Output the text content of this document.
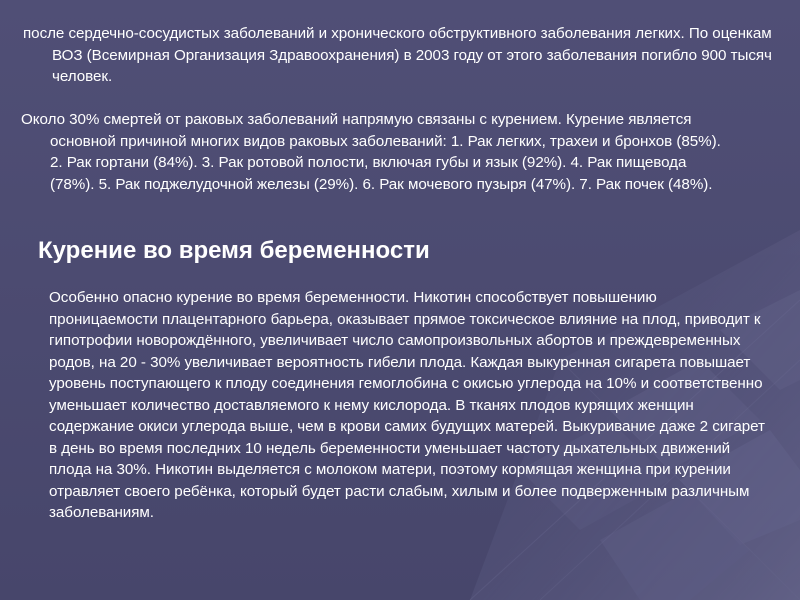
после сердечно-сосудистых заболеваний и хронического обструктивного заболевания легких. По оценкам ВОЗ (Всемирная Организация Здравоохранения) в 2003 году от этого заболевания погибло 900 тысяч человек.

Около 30% смертей от раковых заболеваний напрямую связаны с курением. Курение является основной причиной многих видов раковых заболеваний: 1. Рак легких, трахеи и бронхов (85%). 2. Рак гортани (84%). 3. Рак ротовой полости, включая губы и язык (92%). 4. Рак пищевода (78%). 5. Рак поджелудочной железы (29%). 6. Рак мочевого пузыря (47%). 7. Рак почек (48%).

Курение во время беременности

Особенно опасно курение во время беременности. Никотин способствует повышению проницаемости плацентарного барьера, оказывает прямое токсическое влияние на плод, приводит к гипотрофии новорождённого, увеличивает число самопроизвольных абортов и преждевременных родов, на 20 - 30% увеличивает вероятность гибели плода. Каждая выкуренная сигарета повышает уровень поступающего к плоду соединения гемоглобина с окисью углерода на 10% и соответственно уменьшает количество доставляемого к нему кислорода. В тканях плодов курящих женщин содержание окиси углерода выше, чем в крови самих будущих матерей. Выкуривание даже 2 сигарет в день во время последних 10 недель беременности уменьшает частоту дыхательных движений плода на 30%. Никотин выделяется с молоком матери, поэтому кормящая женщина при курении отравляет своего ребёнка, который будет расти слабым, хилым и более подверженным различным заболеваниям.
